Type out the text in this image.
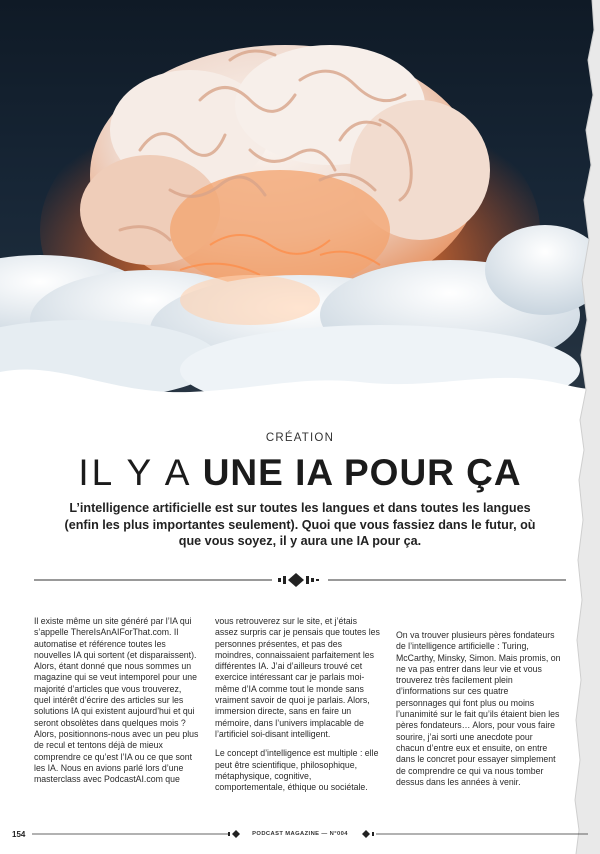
CRÉATION
IL Y A UNE IA POUR ÇA
L’intelligence artificielle est sur toutes les langues et dans toutes les langues (enfin les plus importantes seulement). Quoi que vous fassiez dans le futur, où que vous soyez, il y aura une IA pour ça.

Il existe même un site généré par l’IA qui s’appelle ThereIsAnAIForThat.com. Il automatise et référence toutes les nouvelles IA qui sortent (et disparaissent). Alors, étant donné que nous sommes un magazine qui se veut intemporel pour une majorité d’articles que vous trouverez, quel intérêt d’écrire des articles sur les solutions IA qui existent aujourd’hui et qui seront obsolètes dans quelques mois ? Alors, positionnons-nous avec un peu plus de recul et tentons déjà de mieux comprendre ce qu’est l’IA ou ce que sont les IA. Nous en avions parlé lors d’une masterclass avec PodcastAI.com que

vous retrouverez sur le site, et j’étais assez surpris car je pensais que toutes les personnes présentes, et pas des moindres, connaissaient parfaitement les différentes IA. J’ai d’ailleurs trouvé cet exercice intéressant car je parlais moi-même d’IA comme tout le monde sans vraiment savoir de quoi je parlais. Alors, immersion directe, sans en faire un mémoire, dans l’univers implacable de l’artificiel soi-disant intelligent.

Le concept d’intelligence est multiple : elle peut être scientifique, philosophique, métaphysique, cognitive, comportementale, éthique ou sociétale.

On va trouver plusieurs pères fondateurs de l’intelligence artificielle : Turing, McCarthy, Minsky, Simon. Mais promis, on ne va pas entrer dans leur vie et vous trouverez très facilement plein d’informations sur ces quatre personnages qui font plus ou moins l’unanimité sur le fait qu’ils étaient bien les pères fondateurs… Alors, pour vous faire sourire, j’ai sorti une anecdote pour chacun d’entre eux et ensuite, on entre dans le concret pour essayer simplement de comprendre ce qui va nous tomber dessus dans les années à venir.

154	PODCAST MAGAZINE — N°004
